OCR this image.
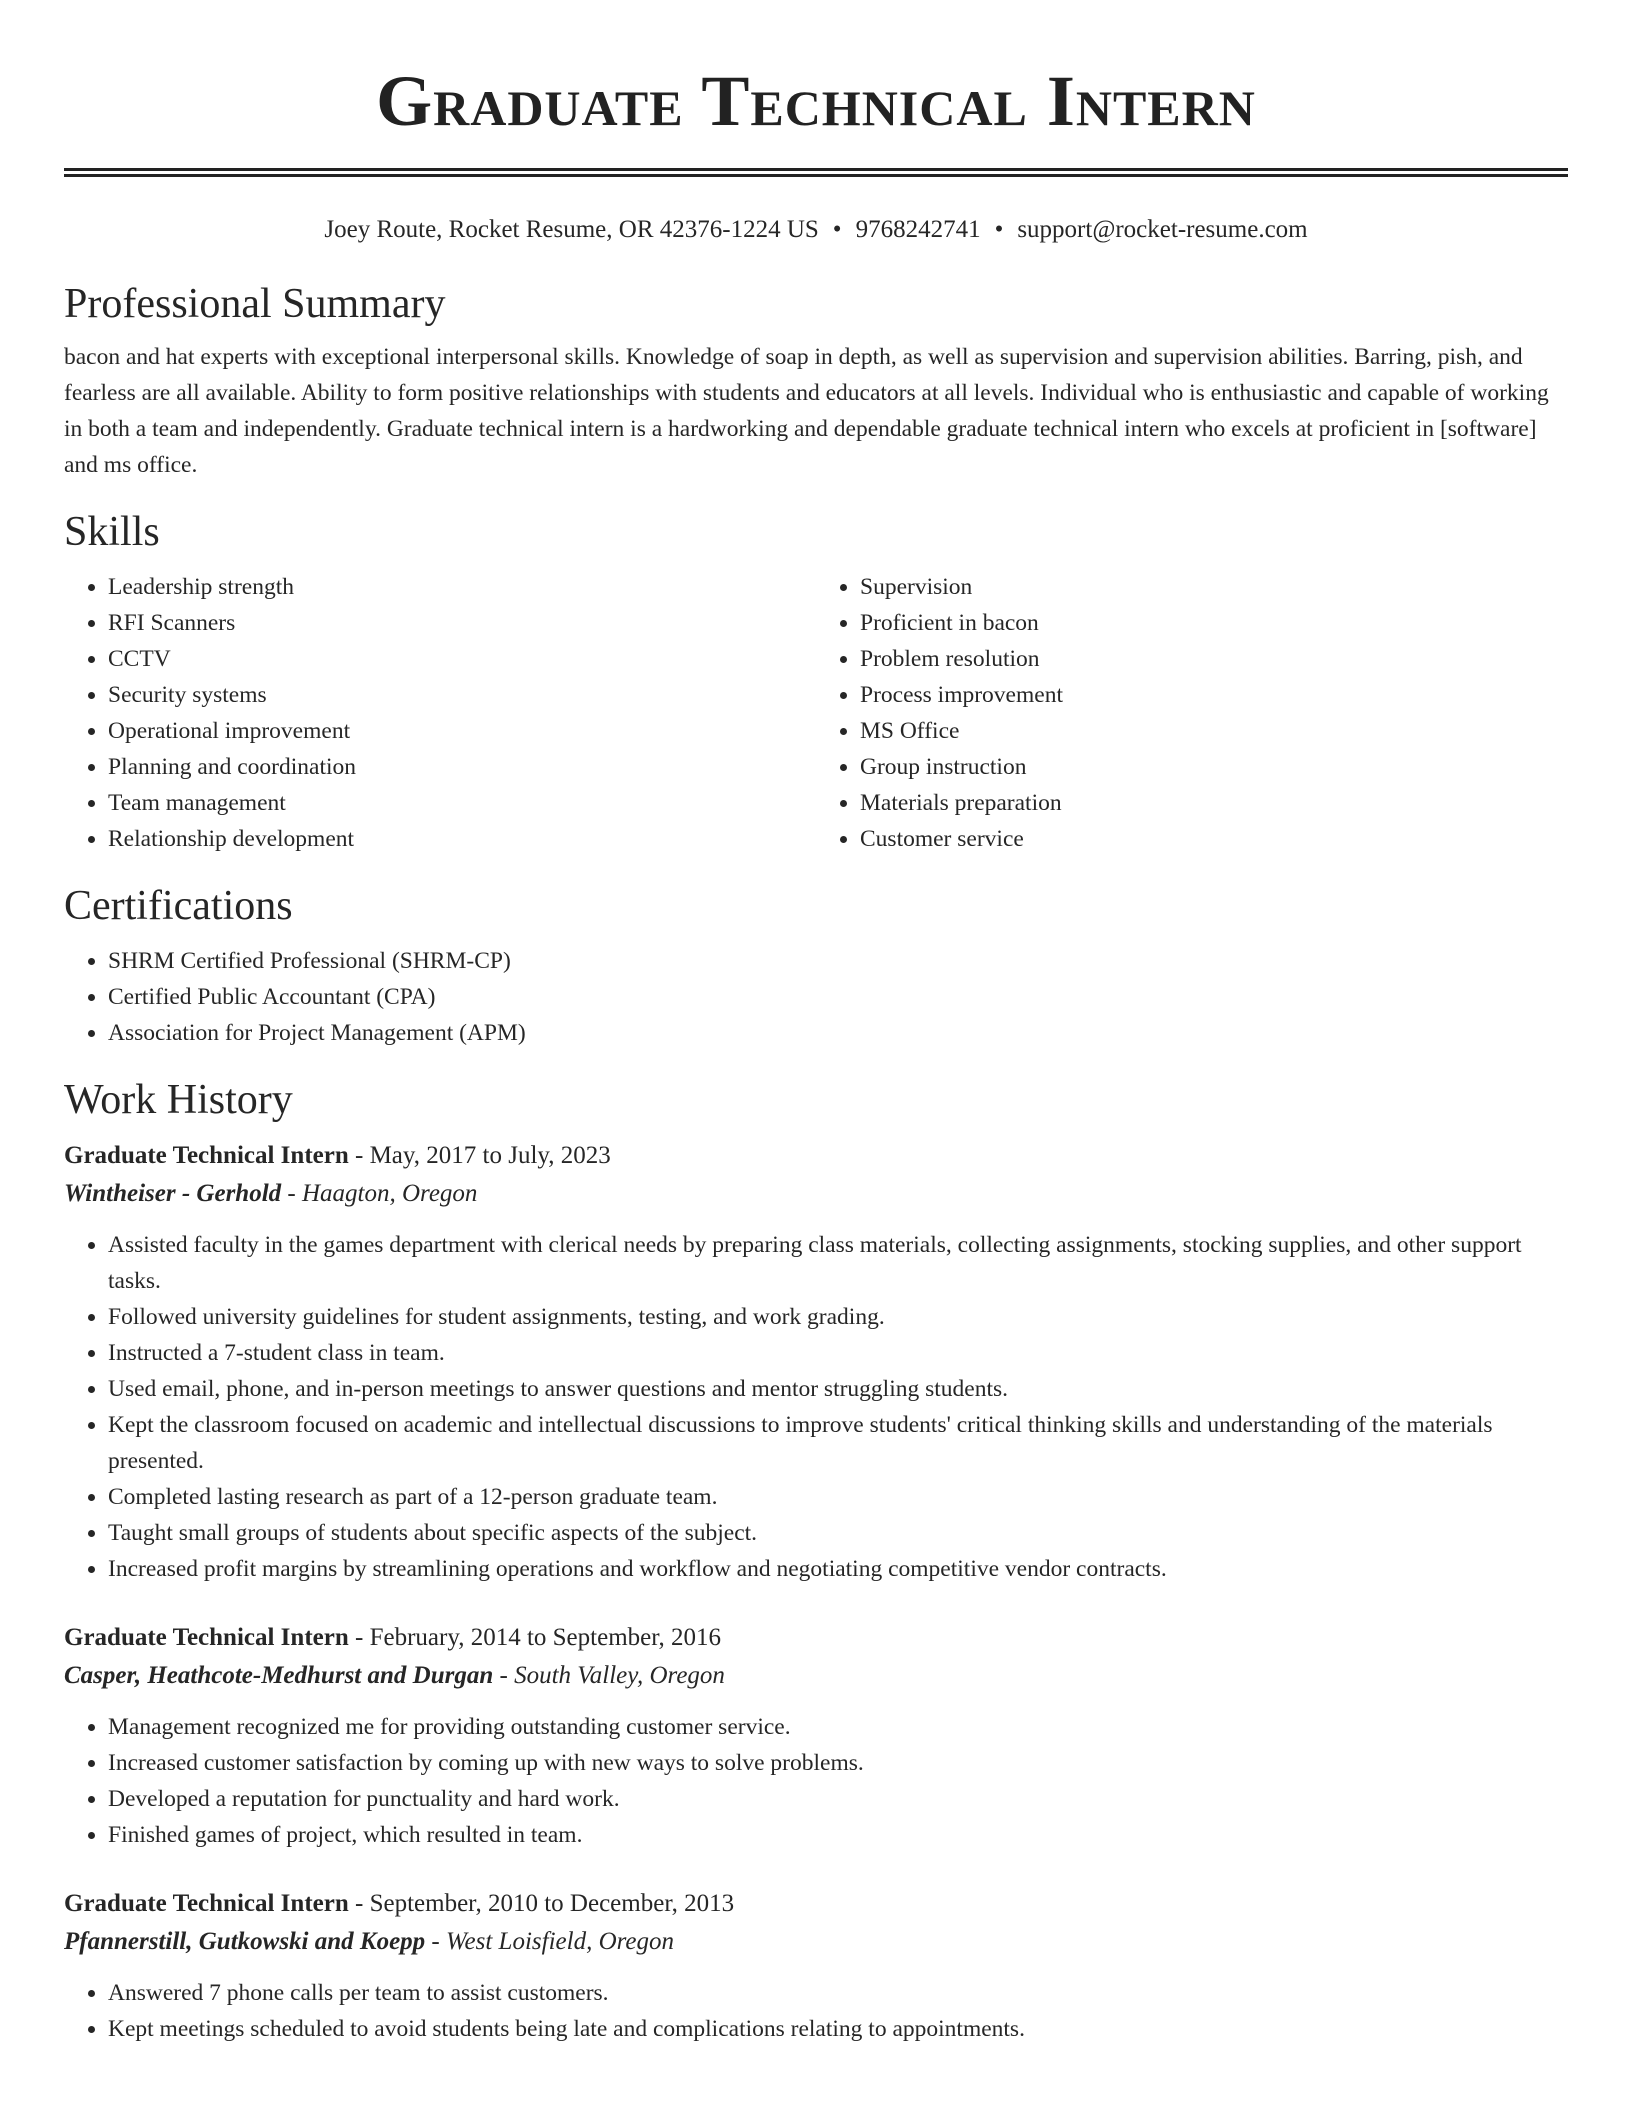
Graduate Technical Intern
Joey Route, Rocket Resume, OR 42376-1224 US • 9768242741 • support@rocket-resume.com
Professional Summary

bacon and hat experts with exceptional interpersonal skills. Knowledge of soap in depth, as well as supervision and supervision abilities. Barring, pish, and fearless are all available. Ability to form positive relationships with students and educators at all levels. Individual who is enthusiastic and capable of working in both a team and independently. Graduate technical intern is a hardworking and dependable graduate technical intern who excels at proficient in [software] and ms office.

Skills
• Leadership strength
• RFI Scanners
• CCTV
• Security systems
• Operational improvement
• Planning and coordination
• Team management
• Relationship development
• Supervision
• Proficient in bacon
• Problem resolution
• Process improvement
• MS Office
• Group instruction
• Materials preparation
• Customer service
Certifications
• SHRM Certified Professional (SHRM-CP)
• Certified Public Accountant (CPA)
• Association for Project Management (APM)
Work History
Graduate Technical Intern - May, 2017 to July, 2023
Wintheiser - Gerhold - Haagton, Oregon
• Assisted faculty in the games department with clerical needs by preparing class materials, collecting assignments, stocking supplies, and other support tasks.
• Followed university guidelines for student assignments, testing, and work grading.
• Instructed a 7-student class in team.
• Used email, phone, and in-person meetings to answer questions and mentor struggling students.
• Kept the classroom focused on academic and intellectual discussions to improve students' critical thinking skills and understanding of the materials presented.
• Completed lasting research as part of a 12-person graduate team.
• Taught small groups of students about specific aspects of the subject.
• Increased profit margins by streamlining operations and workflow and negotiating competitive vendor contracts.
Graduate Technical Intern - February, 2014 to September, 2016
Casper, Heathcote-Medhurst and Durgan - South Valley, Oregon
• Management recognized me for providing outstanding customer service.
• Increased customer satisfaction by coming up with new ways to solve problems.
• Developed a reputation for punctuality and hard work.
• Finished games of project, which resulted in team.
Graduate Technical Intern - September, 2010 to December, 2013
Pfannerstill, Gutkowski and Koepp - West Loisfield, Oregon
• Answered 7 phone calls per team to assist customers.
• Kept meetings scheduled to avoid students being late and complications relating to appointments.
